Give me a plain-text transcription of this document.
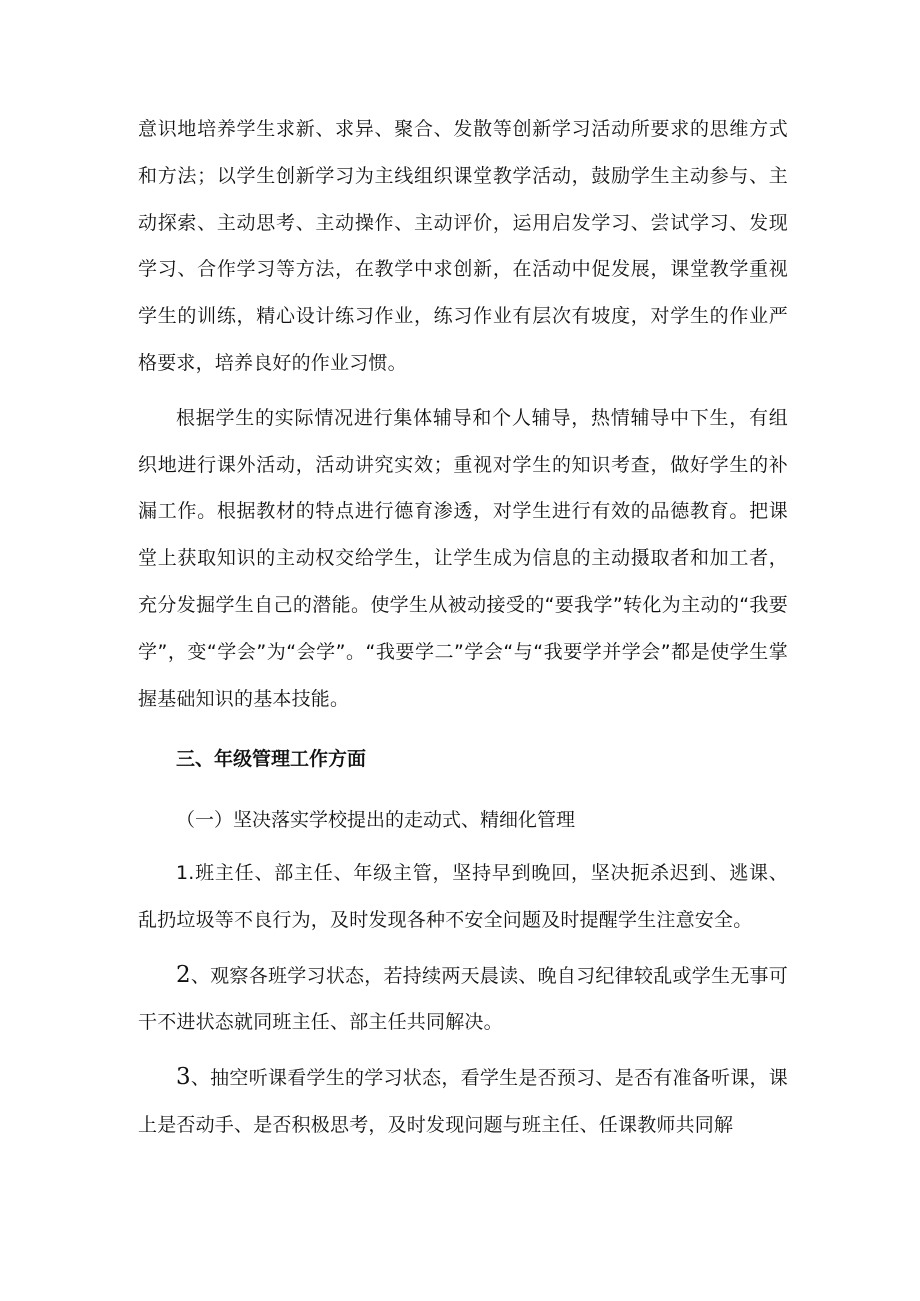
意识地培养学生求新、求异、聚合、发散等创新学习活动所要求的思维方式和方法；以学生创新学习为主线组织课堂教学活动，鼓励学生主动参与、主动探索、主动思考、主动操作、主动评价，运用启发学习、尝试学习、发现学习、合作学习等方法，在教学中求创新，在活动中促发展，课堂教学重视学生的训练，精心设计练习作业，练习作业有层次有坡度，对学生的作业严格要求，培养良好的作业习惯。

根据学生的实际情况进行集体辅导和个人辅导，热情辅导中下生，有组织地进行课外活动，活动讲究实效；重视对学生的知识考查，做好学生的补漏工作。根据教材的特点进行德育渗透，对学生进行有效的品德教育。把课堂上获取知识的主动权交给学生，让学生成为信息的主动摄取者和加工者，充分发掘学生自己的潜能。使学生从被动接受的“要我学”转化为主动的“我要学”，变“学会”为“会学”。“我要学二”学会“与“我要学并学会”都是使学生掌握基础知识的基本技能。

三、年级管理工作方面

（一）坚决落实学校提出的走动式、精细化管理

1.班主任、部主任、年级主管，坚持早到晚回，坚决扼杀迟到、逃课、乱扔垃圾等不良行为，及时发现各种不安全问题及时提醒学生注意安全。

2、观察各班学习状态，若持续两天晨读、晚自习纪律较乱或学生无事可干不进状态就同班主任、部主任共同解决。

3、抽空听课看学生的学习状态，看学生是否预习、是否有准备听课，课上是否动手、是否积极思考，及时发现问题与班主任、任课教师共同解
